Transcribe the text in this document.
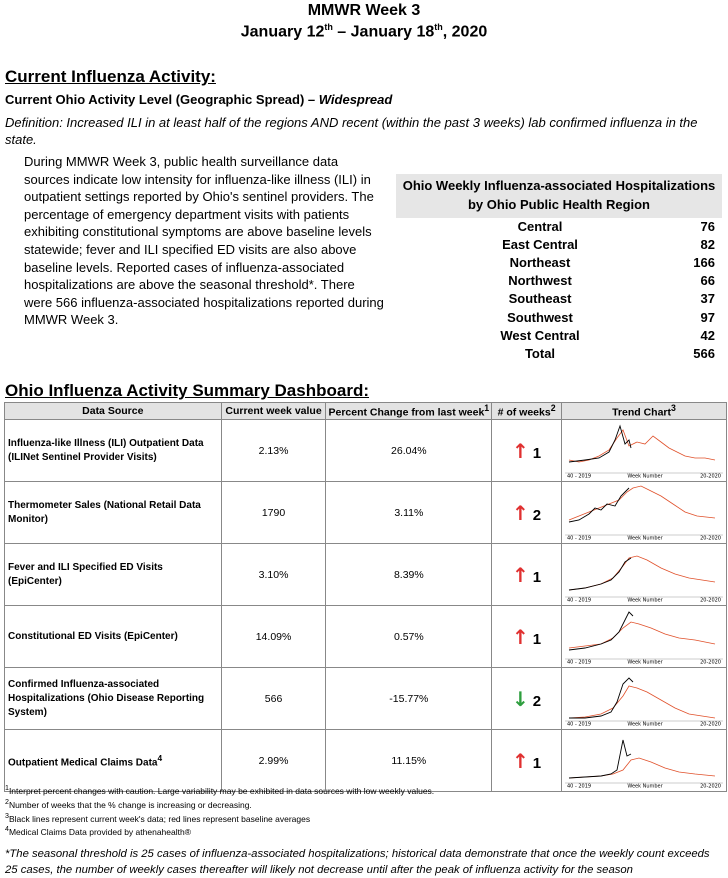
MMWR Week 3
January 12th – January 18th, 2020
Current Influenza Activity:
Current Ohio Activity Level (Geographic Spread) – Widespread
Definition: Increased ILI in at least half of the regions AND recent (within the past 3 weeks) lab confirmed influenza in the state.
During MMWR Week 3, public health surveillance data sources indicate low intensity for influenza-like illness (ILI) in outpatient settings reported by Ohio's sentinel providers. The percentage of emergency department visits with patients exhibiting constitutional symptoms are above baseline levels statewide; fever and ILI specified ED visits are also above baseline levels. Reported cases of influenza-associated hospitalizations are above the seasonal threshold*. There were 566 influenza-associated hospitalizations reported during MMWR Week 3.
Ohio Weekly Influenza-associated Hospitalizations
by Ohio Public Health Region
Central	76
East Central	82
Northeast	166
Northwest	66
Southeast	37
Southwest	97
West Central	42
Total	566
Ohio Influenza Activity Summary Dashboard:
Data Source	Current week value	Percent Change from last week$^1$	# of weeks$^2$	Trend Chart$^3$
Influenza-like Illness (ILI) Outpatient Data (ILINet Sentinel Provider Visits)	2.13%	26.04%	↑ 1	40 - 2019 Week Number 20-2020

Thermometer Sales (National Retail Data Monitor)	1790	3.11%	↑ 2	40 - 2019 Week Number 20-2020

Fever and ILI Specified ED Visits (EpiCenter)	3.10%	8.39%	↑ 1	40 - 2019 Week Number 20-2020

Constitutional ED Visits (EpiCenter)	14.09%	0.57%	↑ 1	40 - 2019 Week Number 20-2020

Confirmed Influenza-associated Hospitalizations (Ohio Disease Reporting System)	566	-15.77%	↓ 2	40 - 2019 Week Number 20-2020

Outpatient Medical Claims Data$^4$	2.99%	11.15%	↑ 1	40 - 2019 Week Number 20-2020
$^1$Interpret percent changes with caution. Large variability may be exhibited in data sources with low weekly values.
$^2$Number of weeks that the % change is increasing or decreasing.
$^3$Black lines represent current week's data; red lines represent baseline averages
$^4$Medical Claims Data provided by athenahealth®
*The seasonal threshold is 25 cases of influenza-associated hospitalizations; historical data demonstrate that once the weekly count exceeds 25 cases, the number of weekly cases thereafter will likely not decrease until after the peak of influenza activity for the season
